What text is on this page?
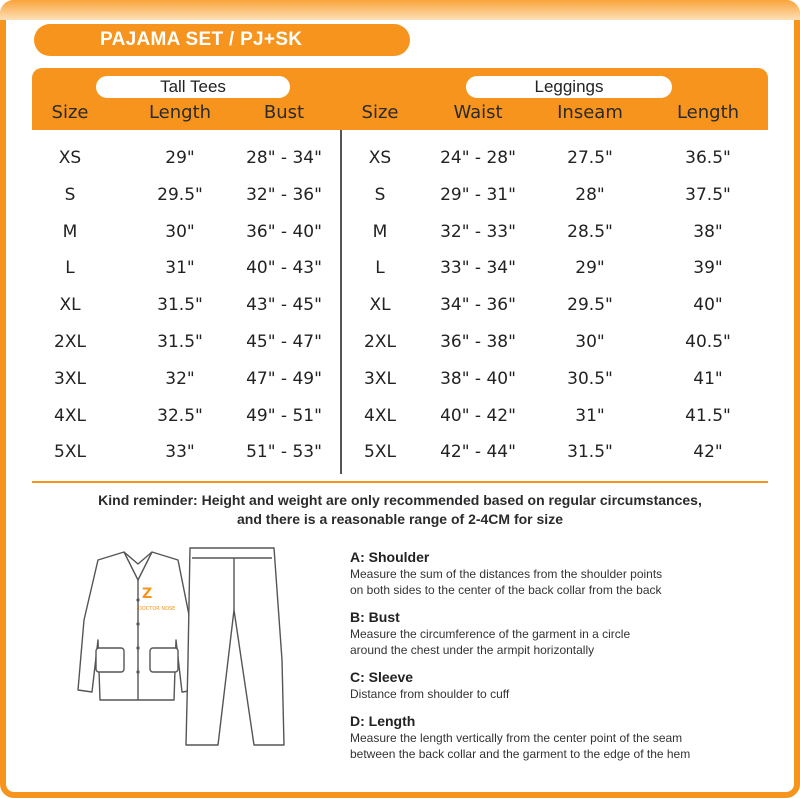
PAJAMA SET / PJ+SK
Tall Tees	Leggings
Size	Length	Bust	Size	Waist	Inseam	Length
XS	29"	28" - 34"	XS	24" - 28"	27.5"	36.5"
S	29.5"	32" - 36"	S	29" - 31"	28"	37.5"
M	30"	36" - 40"	M	32" - 33"	28.5"	38"
L	31"	40" - 43"	L	33" - 34"	29"	39"
XL	31.5"	43" - 45"	XL	34" - 36"	29.5"	40"
2XL	31.5"	45" - 47"	2XL	36" - 38"	30"	40.5"
3XL	32"	47" - 49"	3XL	38" - 40"	30.5"	41"
4XL	32.5"	49" - 51"	4XL	40" - 42"	31"	41.5"
5XL	33"	51" - 53"	5XL	42" - 44"	31.5"	42"
Kind reminder: Height and weight are only recommended based on regular circumstances,
and there is a reasonable range of 2-4CM for size
Z
DOCTOR NOSE
A: Shoulder
Measure the sum of the distances from the shoulder points
on both sides to the center of the back collar from the back
B: Bust
Measure the circumference of the garment in a circle
around the chest under the armpit horizontally
C: Sleeve
Distance from shoulder to cuff
D: Length
Measure the length vertically from the center point of the seam
between the back collar and the garment to the edge of the hem
